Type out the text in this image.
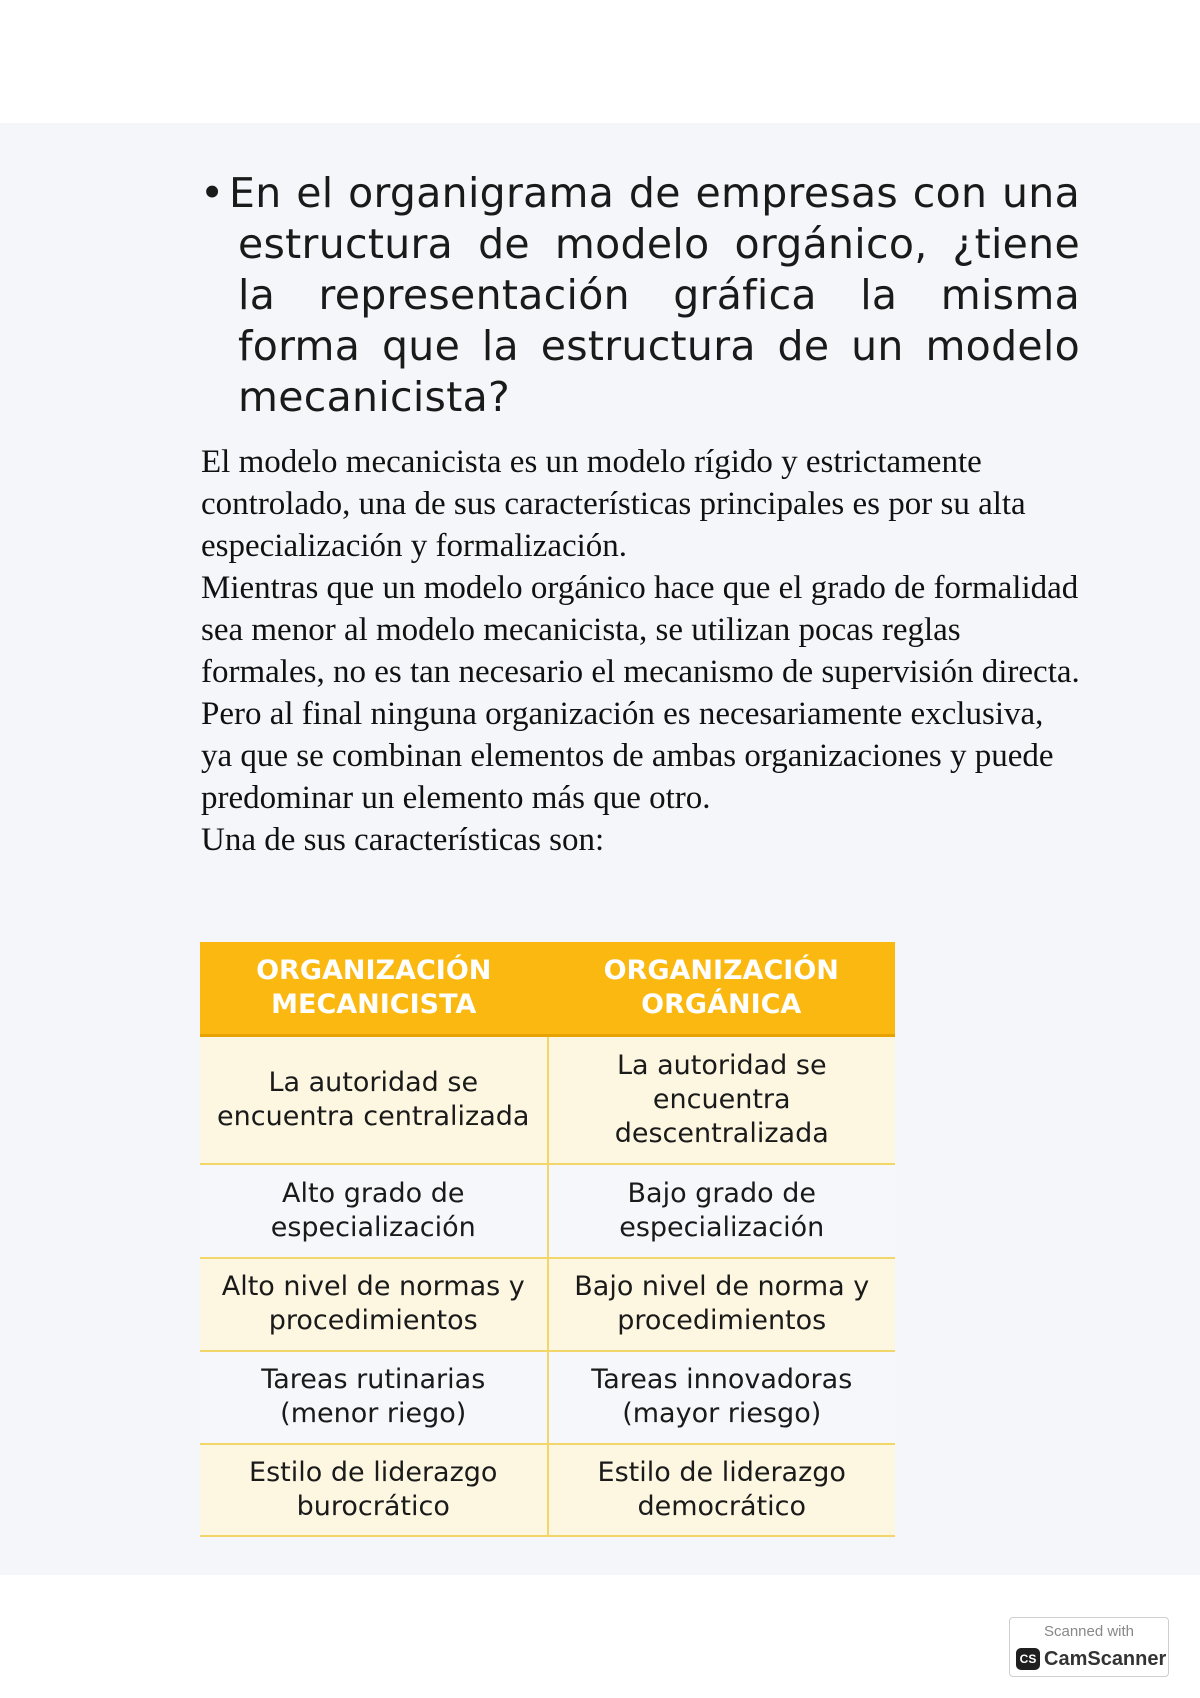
• En el organigrama de empresas con una estructura de modelo orgánico, ¿tiene la representación gráfica la misma forma que la estructura de un modelo mecanicista?

El modelo mecanicista es un modelo rígido y estrictamente controlado, una de sus características principales es por su alta especialización y formalización.

Mientras que un modelo orgánico hace que el grado de formalidad sea menor al modelo mecanicista, se utilizan pocas reglas formales, no es tan necesario el mecanismo de supervisión directa.

Pero al final ninguna organización es necesariamente exclusiva, ya que se combinan elementos de ambas organizaciones y puede predominar un elemento más que otro.

Una de sus características son:

ORGANIZACIÓN MECANICISTA	ORGANIZACIÓN ORGÁNICA
La autoridad se encuentra centralizada	La autoridad se encuentra descentralizada
Alto grado de especialización	Bajo grado de especialización
Alto nivel de normas y procedimientos	Bajo nivel de norma y procedimientos
Tareas rutinarias (menor riego)	Tareas innovadoras (mayor riesgo)
Estilo de liderazgo burocrático	Estilo de liderazgo democrático
Scanned with
CS CamScanner
